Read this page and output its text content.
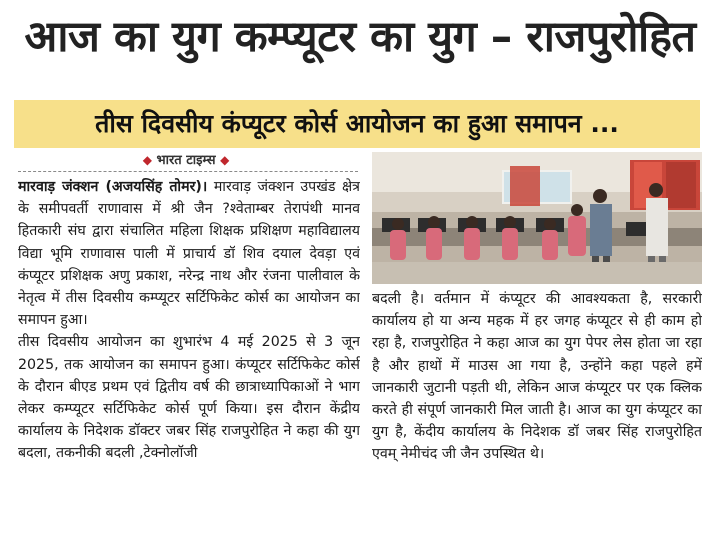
आज का युग कम्प्यूटर का युग – राजपुरोहित
तीस दिवसीय कंप्यूटर कोर्स आयोजन का हुआ समापन ...
◆ भारत टाइम्स ◆

मारवाड़ जंक्शन (अजयसिंह तोमर)। मारवाड़ जंक्शन उपखंड क्षेत्र के समीपवर्ती राणावास में श्री जैन ?श्वेताम्बर तेरापंथी मानव हितकारी संघ द्वारा संचालित महिला शिक्षक प्रशिक्षण महाविद्यालय विद्या भूमि राणावास पाली में प्राचार्य डॉ शिव दयाल देवड़ा एवं कंप्यूटर प्रशिक्षक अणु प्रकाश, नरेन्द्र नाथ और रंजना पालीवाल के नेतृत्व में तीस दिवसीय कम्प्यूटर सर्टिफिकेट कोर्स का आयोजन का समापन हुआ।

तीस दिवसीय आयोजन का शुभारंभ 4 मई 2025 से 3 जून 2025, तक आयोजन का समापन हुआ। कंप्यूटर सर्टिफिकेट कोर्स के दौरान बीएड प्रथम एवं द्वितीय वर्ष की छात्राध्यापिकाओं ने भाग लेकर कम्प्यूटर सर्टिफिकेट कोर्स पूर्ण किया। इस दौरान केंद्रीय कार्यालय के निदेशक डॉक्टर जबर सिंह राजपुरोहित ने कहा की युग बदला, तकनीकी बदली ,टेक्नोलॉजी

बदली है। वर्तमान में कंप्यूटर की आवश्यकता है, सरकारी कार्यालय हो या अन्य महक में हर जगह कंप्यूटर से ही काम हो रहा है, राजपुरोहित ने कहा आज का युग पेपर लेस होता जा रहा है और हाथों में माउस आ गया है, उन्होंने कहा पहले हमें जानकारी जुटानी पड़ती थी, लेकिन आज कंप्यूटर पर एक क्लिक करते ही संपूर्ण जानकारी मिल जाती है। आज का युग कंप्यूटर का युग है, केंदीय कार्यालय के निदेशक डॉ जबर सिंह राजपुरोहित एवम् नेमीचंद जी जैन उपस्थित थे।
